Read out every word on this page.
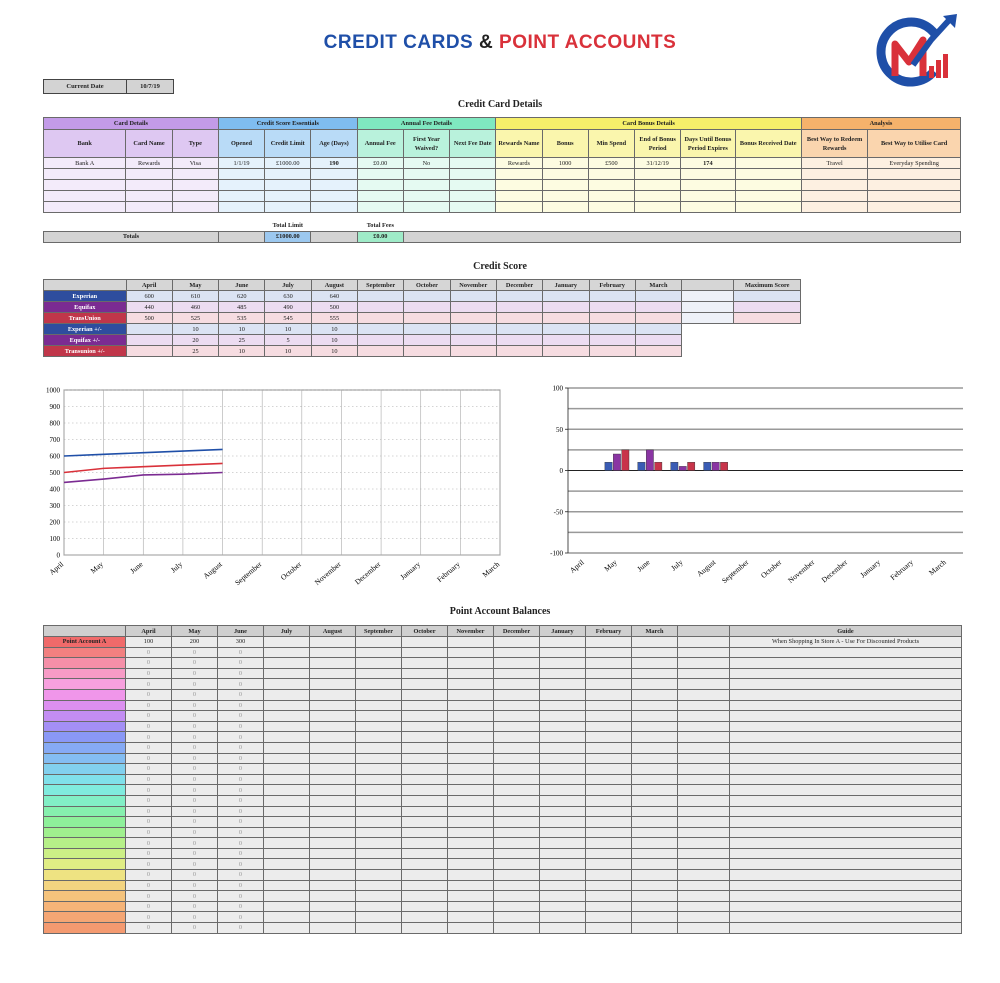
CREDIT CARDS & POINT ACCOUNTS
Current Date	10/7/19
Credit Card Details
Card Details			Credit Score Essentials			Annual Fee Details			Card Bonus Details						Analysis	
Bank	Card Name	Type	Opened	Credit Limit	Age (Days)	Annual Fee	First Year Waived?	Next Fee Date	Rewards Name	Bonus	Min Spend	End of Bonus Period	Days Until Bonus Period Expires	Bonus Received Date	Best Way to Redeem Rewards	Best Way to Utilise Card
Bank A	Rewards	Visa	1/1/19	£1000.00	190	£0.00	No		Rewards	1000	£500	31/12/19	174		Travel	Everyday Spending

				Total Limit		Total Fees										
Totals				£1000.00		£0.00										
Credit Score
	April	May	June	July	August	September	October	November	December	January	February	March		Maximum Score
Experian	600	610	620	630	640									
Equifax	440	460	485	490	500									
TransUnion	500	525	535	545	555									
Experian +/-		10	10	10	10									
Equifax +/-		20	25	5	10									
Transunion +/-		25	10	10	10									
0
100
200
300
400
500
600
700
800
900
1000
April	May	June	July August September October November December January February	March
-100
-50
0
50
100
April May June July August September October November December January February March
Point Account Balances
	April	May	June	July	August	September	October	November	December	January	February	March		Guide
Point Account A	100	200	300											When Shopping In Store A - Use For Discounted Products
	0	0	0											
	0	0	0											
	0	0	0											
	0	0	0											
	0	0	0											
	0	0	0											
	0	0	0											
	0	0	0											
	0	0	0											
	0	0	0											
	0	0	0											
	0	0	0											
	0	0	0											
	0	0	0											
	0	0	0											
	0	0	0											
	0	0	0											
	0	0	0											
	0	0	0											
	0	0	0											
	0	0	0											
	0	0	0											
	0	0	0											
	0	0	0											
	0	0	0											
	0	0	0											
	0	0	0											
